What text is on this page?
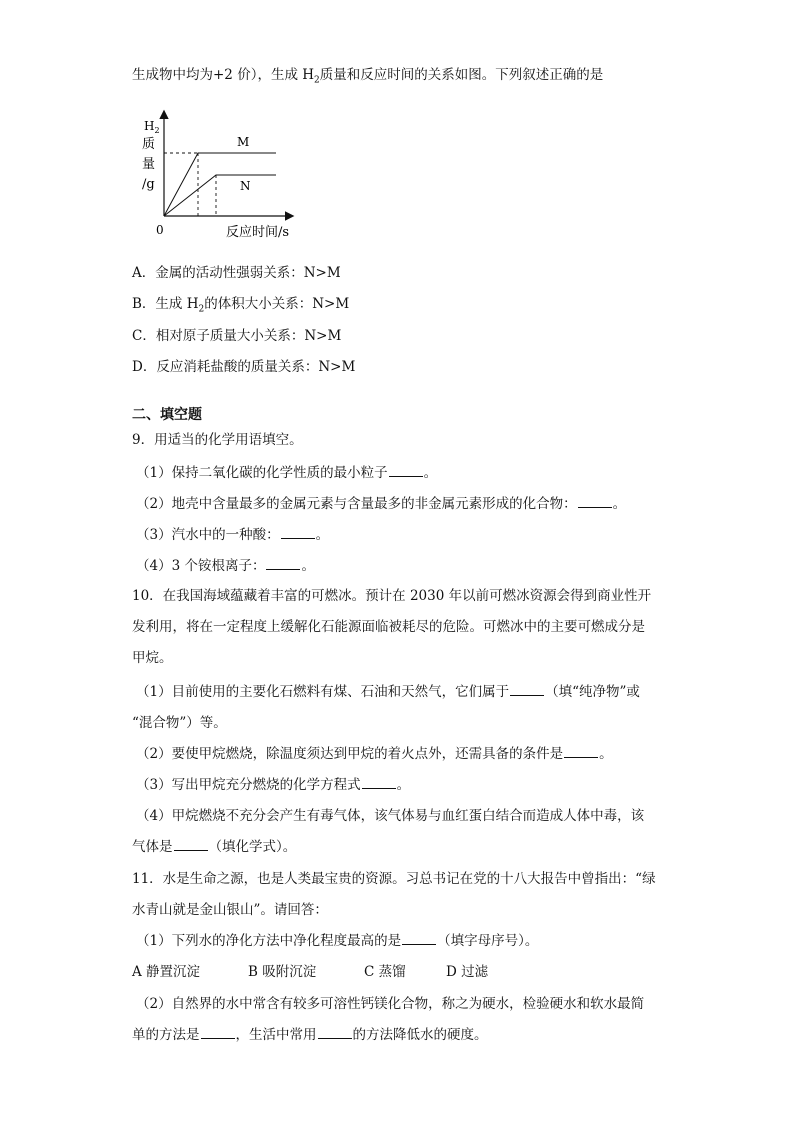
生成物中均为+2 价），生成 $H_2$质量和反应时间的关系如图。下列叙述正确的是
$H_2$
质
量
/g
0	反应时间/s
M
N
A．金属的活动性强弱关系：N>M
B．生成 $H_2$的体积大小关系：N>M
C．相对原子质量大小关系：N>M
D．反应消耗盐酸的质量关系：N>M
二、填空题
9．用适当的化学用语填空。
（1）保持二氧化碳的化学性质的最小粒子	。
（2）地壳中含量最多的金属元素与含量最多的非金属元素形成的化合物：	。
（3）汽水中的一种酸：	。
（4）3 个铵根离子：	。
10．在我国海域蕴藏着丰富的可燃冰。预计在 2030 年以前可燃冰资源会得到商业性开
发利用，将在一定程度上缓解化石能源面临被耗尽的危险。可燃冰中的主要可燃成分是
甲烷。
（1）目前使用的主要化石燃料有煤、石油和天然气，它们属于	（填“纯净物”或
“混合物”）等。
（2）要使甲烷燃烧，除温度须达到甲烷的着火点外，还需具备的条件是	。
（3）写出甲烷充分燃烧的化学方程式	。
（4）甲烷燃烧不充分会产生有毒气体，该气体易与血红蛋白结合而造成人体中毒，该
气体是	（填化学式）。
11．水是生命之源，也是人类最宝贵的资源。习总书记在党的十八大报告中曾指出：“绿
水青山就是金山银山”。请回答：
（1）下列水的净化方法中净化程度最高的是	（填字母序号）。
A 静置沉淀	B 吸附沉淀	C 蒸馏	D 过滤
（2）自然界的水中常含有较多可溶性钙镁化合物，称之为硬水，检验硬水和软水最简
单的方法是	，生活中常用	的方法降低水的硬度。
